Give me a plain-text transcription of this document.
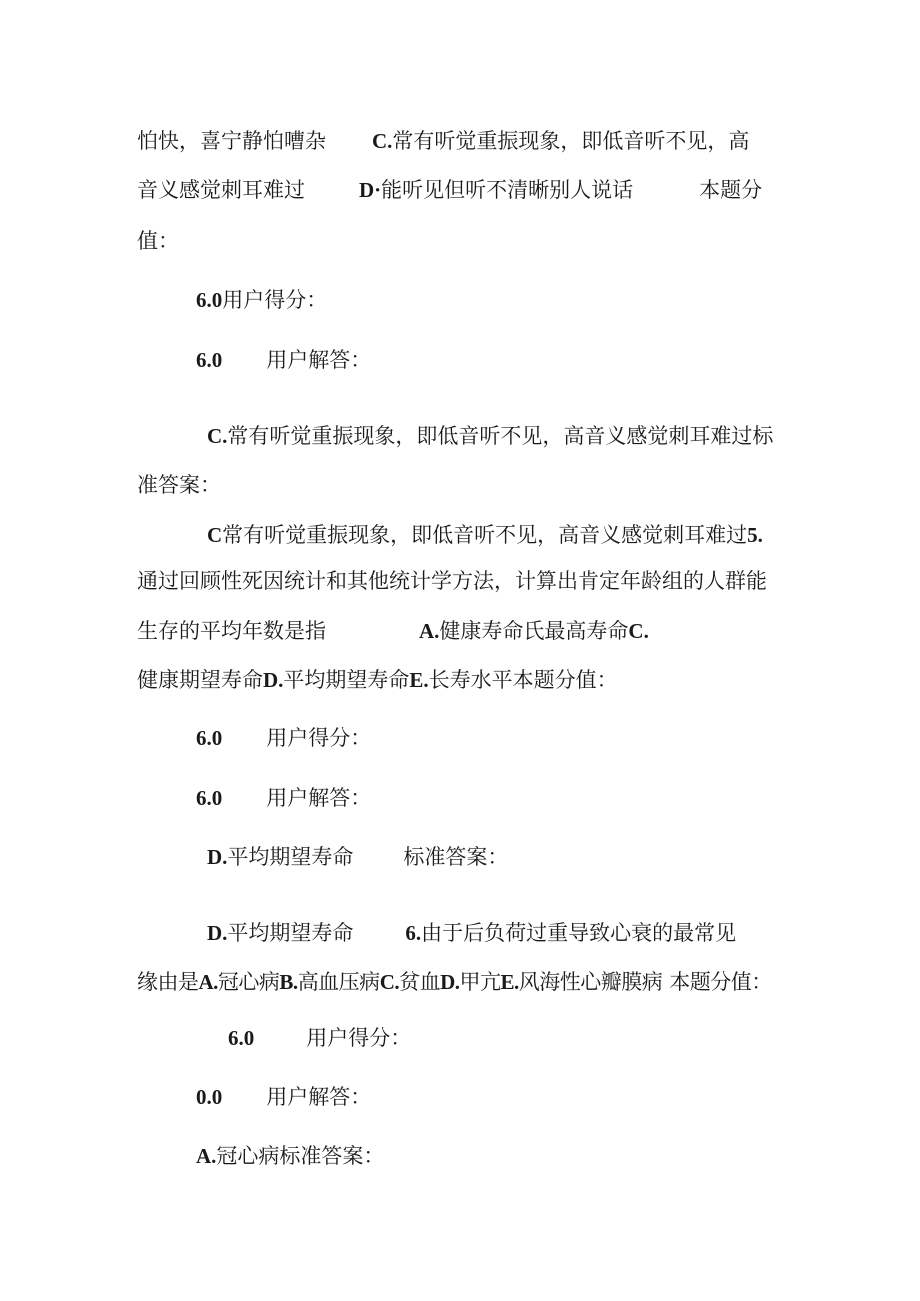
怕快，喜宁静怕嘈杂 C.常有听觉重振现象，即低音听不见，高
音义感觉刺耳难过	D·能听见但听不清晰别人说话	本题分
值：
6.0用户得分：
6.0 用户解答：
C.常有听觉重振现象，即低音听不见，高音义感觉刺耳难过标
准答案：
C常有听觉重振现象，即低音听不见，高音义感觉刺耳难过5.
通过回顾性死因统计和其他统计学方法，计算出肯定年龄组的人群能
生存的平均年数是指	A.健康寿命氏最高寿命C.
健康期望寿命D.平均期望寿命E.长寿水平本题分值：
6.0 用户得分：
6.0 用户解答：
D.平均期望寿命 标准答案：
D.平均期望寿命 6.由于后负荷过重导致心衰的最常见
缘由是A.冠心病B.高血压病C.贫血D.甲亢E.风海性心瓣膜病 本题分值：
6.0 用户得分：
0.0 用户解答：
A.冠心病标准答案：
